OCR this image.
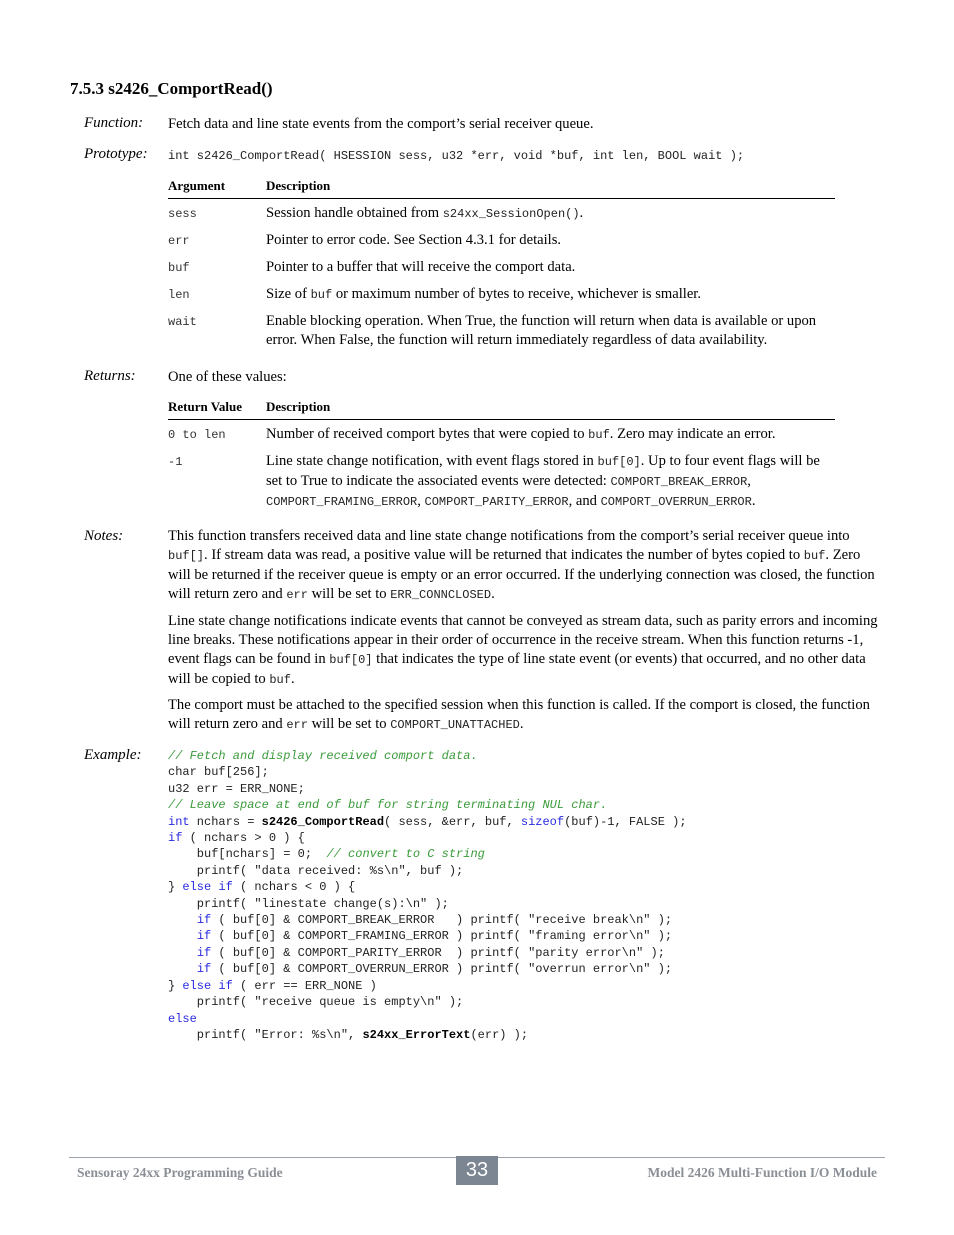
7.5.3 s2426_ComportRead()
Function: Fetch data and line state events from the comport’s serial receiver queue.
Prototype: int s2426_ComportRead( HSESSION sess, u32 *err, void *buf, int len, BOOL wait );
Argument	Description
sess	Session handle obtained from s24xx_SessionOpen().
err	Pointer to error code. See Section 4.3.1 for details.
buf	Pointer to a buffer that will receive the comport data.
len	Size of buf or maximum number of bytes to receive, whichever is smaller.
wait	Enable blocking operation. When True, the function will return when data is available or upon error. When False, the function will return immediately regardless of data availability.
Returns: One of these values:
Return Value	Description
0 to len	Number of received comport bytes that were copied to buf. Zero may indicate an error.
-1	Line state change notification, with event flags stored in buf[0]. Up to four event flags will be set to True to indicate the associated events were detected: COMPORT_BREAK_ERROR, COMPORT_FRAMING_ERROR, COMPORT_PARITY_ERROR, and COMPORT_OVERRUN_ERROR.
Notes:	This function transfers received data and line state change notifications from the comport’s serial receiver queue into buf[]. If stream data was read, a positive value will be returned that indicates the number of bytes copied to buf. Zero will be returned if the receiver queue is empty or an error occurred. If the underlying connection was closed, the function will return zero and err will be set to ERR_CONNCLOSED.
Line state change notifications indicate events that cannot be conveyed as stream data, such as parity errors and incoming line breaks. These notifications appear in their order of occurrence in the receive stream. When this function returns -1, event flags can be found in buf[0] that indicates the type of line state event (or events) that occurred, and no other data will be copied to buf.
The comport must be attached to the specified session when this function is called. If the comport is closed, the function will return zero and err will be set to COMPORT_UNATTACHED.
Example: // Fetch and display received comport data.
char buf[256];
u32 err = ERR_NONE;
// Leave space at end of buf for string terminating NUL char.
int nchars = s2426_ComportRead( sess, &err, buf, sizeof(buf)-1, FALSE );
if ( nchars > 0 ) {
buf[nchars] = 0;  // convert to C string
printf( "data received: %s\n", buf );
} else if ( nchars < 0 ) {
printf( "linestate change(s):\n" );
if ( buf[0] & COMPORT_BREAK_ERROR   ) printf( "receive break\n" );
if ( buf[0] & COMPORT_FRAMING_ERROR ) printf( "framing error\n" );
if ( buf[0] & COMPORT_PARITY_ERROR  ) printf( "parity error\n" );
if ( buf[0] & COMPORT_OVERRUN_ERROR ) printf( "overrun error\n" );
} else if ( err == ERR_NONE )
printf( "receive queue is empty\n" );
else
printf( "Error: %s\n", s24xx_ErrorText(err) );
Sensoray 24xx Programming Guide	33	Model 2426 Multi-Function I/O Module
